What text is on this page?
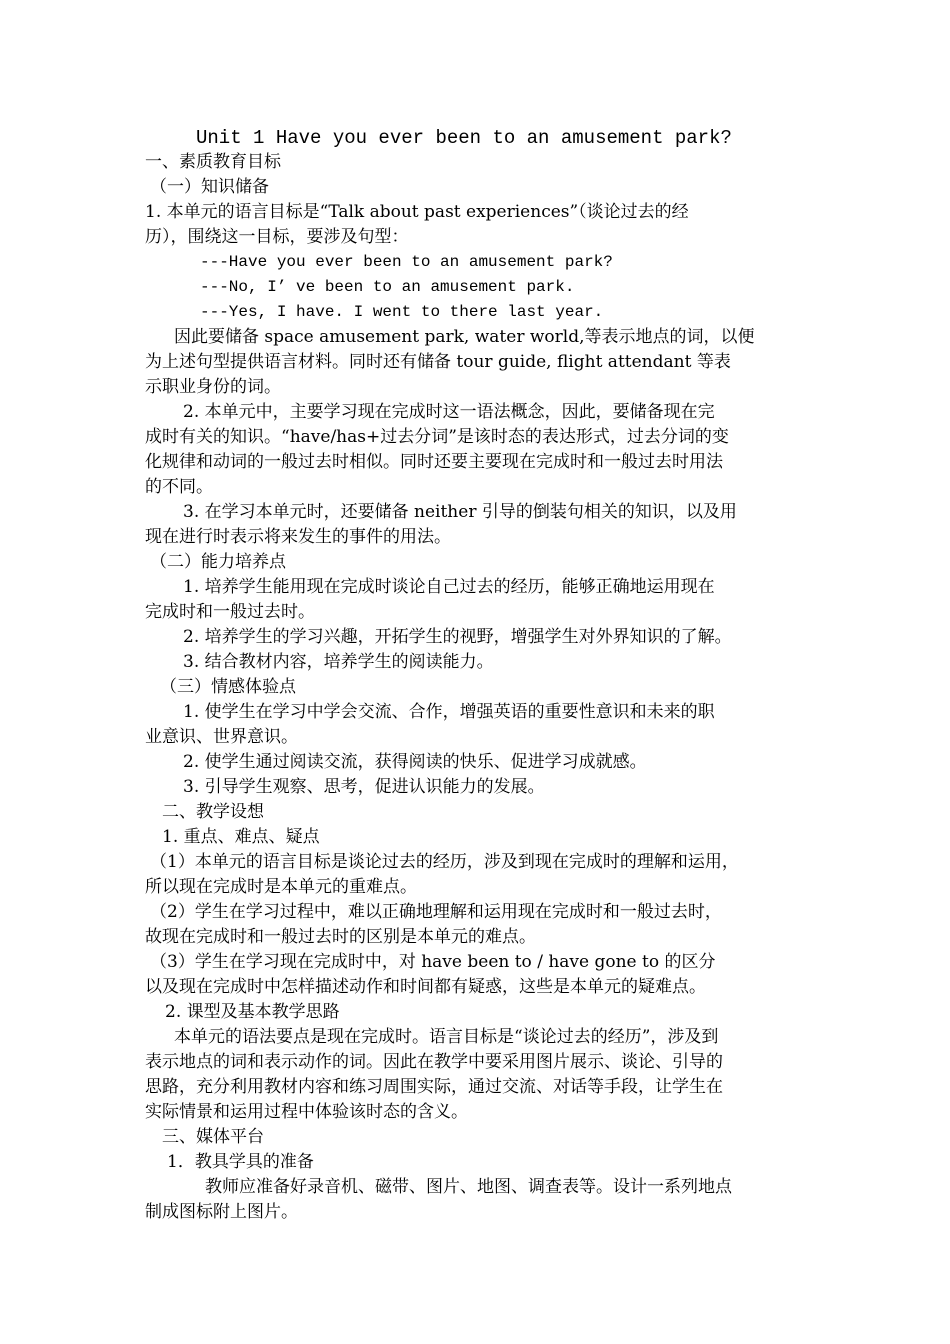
Unit 1 Have you ever been to an amusement park?
一、素质教育目标
（一）知识储备
1. 本单元的语言目标是“Talk about past experiences”（谈论过去的经
历），围绕这一目标，要涉及句型：
---Have you ever been to an amusement park?
---No, I’ ve been to an amusement park.
---Yes, I have. I went to there last year.
因此要储备 space amusement park, water world,等表示地点的词，以便
为上述句型提供语言材料。同时还有储备 tour guide, flight attendant 等表
示职业身份的词。
2. 本单元中，主要学习现在完成时这一语法概念，因此，要储备现在完
成时有关的知识。“have/has+过去分词”是该时态的表达形式，过去分词的变
化规律和动词的一般过去时相似。同时还要主要现在完成时和一般过去时用法
的不同。
3. 在学习本单元时，还要储备 neither 引导的倒装句相关的知识，以及用
现在进行时表示将来发生的事件的用法。
（二）能力培养点
1. 培养学生能用现在完成时谈论自己过去的经历，能够正确地运用现在
完成时和一般过去时。
2. 培养学生的学习兴趣，开拓学生的视野，增强学生对外界知识的了解。
3. 结合教材内容，培养学生的阅读能力。
（三）情感体验点
1. 使学生在学习中学会交流、合作，增强英语的重要性意识和未来的职
业意识、世界意识。
2. 使学生通过阅读交流，获得阅读的快乐、促进学习成就感。
3. 引导学生观察、思考，促进认识能力的发展。
二、教学设想
1. 重点、难点、疑点
（1）本单元的语言目标是谈论过去的经历，涉及到现在完成时的理解和运用，
所以现在完成时是本单元的重难点。
（2）学生在学习过程中，难以正确地理解和运用现在完成时和一般过去时，
故现在完成时和一般过去时的区别是本单元的难点。
（3）学生在学习现在完成时中，对 have been to / have gone to 的区分
以及现在完成时中怎样描述动作和时间都有疑惑，这些是本单元的疑难点。
2. 课型及基本教学思路
本单元的语法要点是现在完成时。语言目标是“谈论过去的经历”，涉及到
表示地点的词和表示动作的词。因此在教学中要采用图片展示、谈论、引导的
思路，充分利用教材内容和练习周围实际，通过交流、对话等手段，让学生在
实际情景和运用过程中体验该时态的含义。
三、媒体平台
1．教具学具的准备
教师应准备好录音机、磁带、图片、地图、调查表等。设计一系列地点
制成图标附上图片。
